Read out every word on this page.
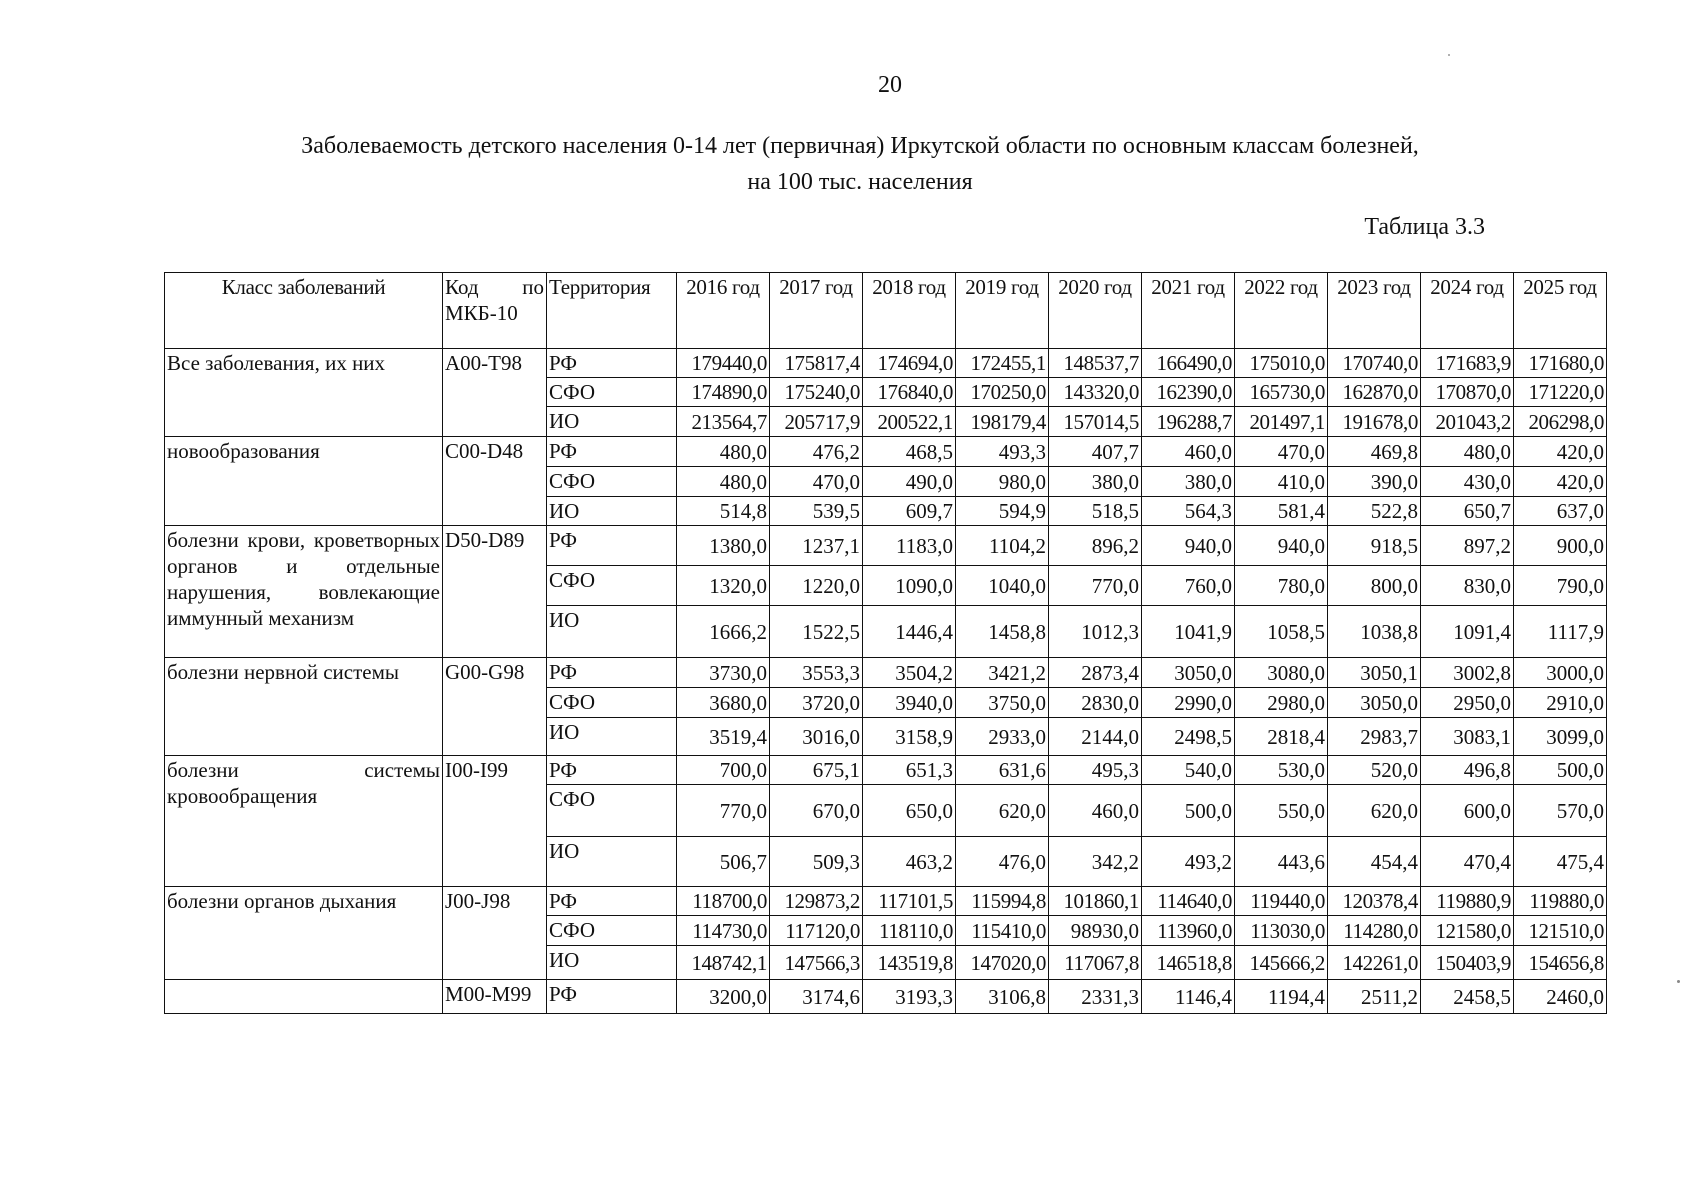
20
Заболеваемость детского населения 0-14 лет (первичная) Иркутской области по основным классам болезней,
на 100 тыс. населения
Таблица 3.3
Класс заболеваний	Код по МКБ-10	Территория	2016 год	2017 год	2018 год	2019 год	2020 год	2021 год	2022 год	2023 год	2024 год	2025 год
Все заболевания, их них	A00-T98	РФ	179440,0	175817,4	174694,0	172455,1	148537,7	166490,0	175010,0	170740,0	171683,9	171680,0
		СФО	174890,0	175240,0	176840,0	170250,0	143320,0	162390,0	165730,0	162870,0	170870,0	171220,0
		ИО	213564,7	205717,9	200522,1	198179,4	157014,5	196288,7	201497,1	191678,0	201043,2	206298,0
новообразования	C00-D48	РФ	480,0	476,2	468,5	493,3	407,7	460,0	470,0	469,8	480,0	420,0
		СФО	480,0	470,0	490,0	980,0	380,0	380,0	410,0	390,0	430,0	420,0
		ИО	514,8	539,5	609,7	594,9	518,5	564,3	581,4	522,8	650,7	637,0
болезни крови, кроветворных органов и отдельные нарушения, вовлекающие иммунный механизм	D50-D89	РФ	1380,0	1237,1	1183,0	1104,2	896,2	940,0	940,0	918,5	897,2	900,0
		СФО	1320,0	1220,0	1090,0	1040,0	770,0	760,0	780,0	800,0	830,0	790,0
		ИО	1666,2	1522,5	1446,4	1458,8	1012,3	1041,9	1058,5	1038,8	1091,4	1117,9
болезни нервной системы	G00-G98	РФ	3730,0	3553,3	3504,2	3421,2	2873,4	3050,0	3080,0	3050,1	3002,8	3000,0
		СФО	3680,0	3720,0	3940,0	3750,0	2830,0	2990,0	2980,0	3050,0	2950,0	2910,0
		ИО	3519,4	3016,0	3158,9	2933,0	2144,0	2498,5	2818,4	2983,7	3083,1	3099,0
болезни системы кровообращения	I00-I99	РФ	700,0	675,1	651,3	631,6	495,3	540,0	530,0	520,0	496,8	500,0
		СФО	770,0	670,0	650,0	620,0	460,0	500,0	550,0	620,0	600,0	570,0
		ИО	506,7	509,3	463,2	476,0	342,2	493,2	443,6	454,4	470,4	475,4
болезни органов дыхания	J00-J98	РФ	118700,0	129873,2	117101,5	115994,8	101860,1	114640,0	119440,0	120378,4	119880,9	119880,0
		СФО	114730,0	117120,0	118110,0	115410,0	98930,0	113960,0	113030,0	114280,0	121580,0	121510,0
		ИО	148742,1	147566,3	143519,8	147020,0	117067,8	146518,8	145666,2	142261,0	150403,9	154656,8
	M00-M99	РФ	3200,0	3174,6	3193,3	3106,8	2331,3	1146,4	1194,4	2511,2	2458,5	2460,0
